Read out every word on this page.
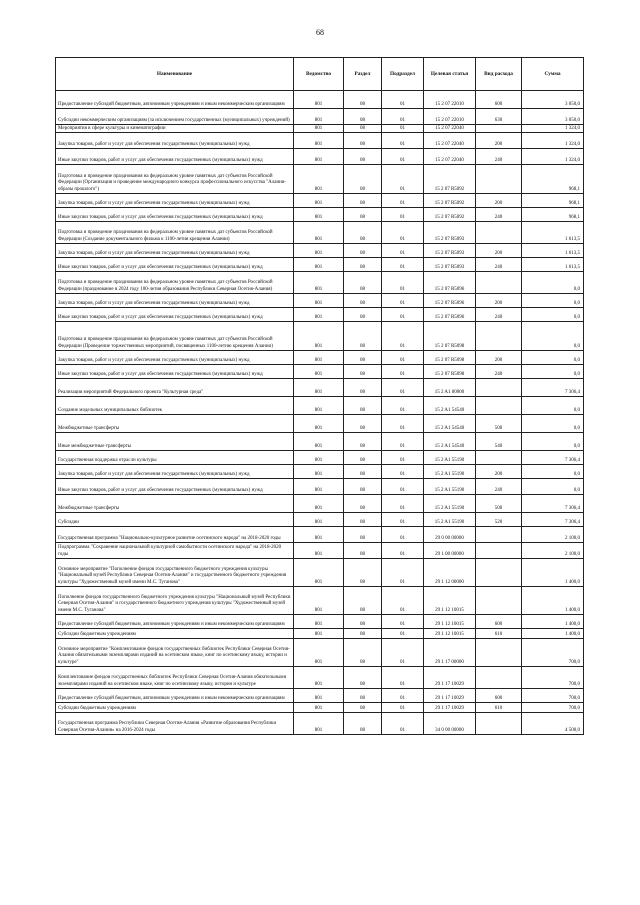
68
Наименование	Ведомство	Раздел	Подраздел	Целевая статья	Вид расхода	Сумма
Предоставление субсидий бюджетным, автономным учреждениям и иным некоммерческим организациям	801	08	01	15 2 07 22010	600	3 050,0
Субсидии некоммерческим организациям (за исключением государственных (муниципальных) учреждений)	801	08	01	15 2 07 22010	630	3 050,0
Мероприятия в сфере культуры и кинематографии	801	08	01	15 2 07 22040		1 324,0
Закупка товаров, работ и услуг для обеспечения государственных (муниципальных) нужд	801	08	01	15 2 07 22040	200	1 324,0
Иные закупки товаров, работ и услуг для обеспечения государственных (муниципальных) нужд	801	08	01	15 2 07 22040	240	1 324,0
Подготовка и проведение празднования на федеральном уровне памятных дат субъектов Российской Федерации (Организация и проведение международного конкурса профессионального искусства "Алания-образы прошлого")	801	08	01	15 2 07 R5092		968,1
Закупка товаров, работ и услуг для обеспечения государственных (муниципальных) нужд	801	08	01	15 2 07 R5092	200	968,1
Иные закупки товаров, работ и услуг для обеспечения государственных (муниципальных) нужд	801	08	01	15 2 07 R5092	240	968,1
Подготовка и проведение празднования на федеральном уровне памятных дат субъектов Российской Федерации (Создание документального фильма к 1100-летия крещения Алании)	801	08	01	15 2 07 R5093		1 613,5
Закупка товаров, работ и услуг для обеспечения государственных (муниципальных) нужд	801	08	01	15 2 07 R5093	200	1 613,5
Иные закупки товаров, работ и услуг для обеспечения государственных (муниципальных) нужд	801	08	01	15 2 07 R5093	240	1 613,5
Подготовка и проведение празднования на федеральном уровне памятных дат субъектов Российской Федерации (празднование в 2024 году 100-летия образования Республики Северная Осетия-Алания)	801	08	01	15 2 07 R5096		0,0
Закупка товаров, работ и услуг для обеспечения государственных (муниципальных) нужд	801	08	01	15 2 07 R5096	200	0,0
Иные закупки товаров, работ и услуг для обеспечения государственных (муниципальных) нужд	801	08	01	15 2 07 R5096	240	0,0
Подготовка и проведение празднования на федеральном уровне памятных дат субъектов Российской Федерации (Проведение торжественных мероприятий, посвященных 1100-летию крещения Алании)	801	08	01	15 2 07 R5098		0,0
Закупка товаров, работ и услуг для обеспечения государственных (муниципальных) нужд	801	08	01	15 2 07 R5098	200	0,0
Иные закупки товаров, работ и услуг для обеспечения государственных (муниципальных) нужд	801	08	01	15 2 07 R5098	240	0,0
Реализация мероприятий Федерального проекта "Культурная среда"	801	08	01	15 2 A1 00000		7 306,4
Создание модельных муниципальных библиотек	801	08	01	15 2 A1 54540		0,0
Межбюджетные трансферты	801	08	01	15 2 A1 54540	500	0,0
Иные межбюджетные трансферты	801	08	01	15 2 A1 54540	540	0,0
Государственная поддержка отрасли культуры	801	08	01	15 2 A1 55190		7 306,4
Закупка товаров, работ и услуг для обеспечения государственных (муниципальных) нужд	801	08	01	15 2 A1 55190	200	0,0
Иные закупки товаров, работ и услуг для обеспечения государственных (муниципальных) нужд	801	08	01	15 2 A1 55190	240	0,0
Межбюджетные трансферты	801	08	01	15 2 A1 55190	500	7 306,4
Субсидии	801	08	01	15 2 A1 55190	520	7 306,4
Государственная программа "Национально-культурное развитие осетинского народа" на 2018-2020 годы	801	08	01	29 0 00 00000		2 100,0
Подпрограмма "Сохранение национальной культурной самобытности осетинского народа" на 2018-2020 годы	801	08	01	29 1 00 00000		2 100,0
Основное мероприятие "Пополнение фондов государственного бюджетного учреждения культуры "Национальный музей Республики Северная Осетия-Алания" и государственного бюджетного учреждения культуры "Художественный музей имени М.С. Туганова"	801	08	01	29 1 12 00000		1 400,0
Пополнение фондов государственного бюджетного учреждения культуры "Национальный музей Республики Северная Осетия-Алания" и государственного бюджетного учреждения культуры "Художественный музей имени М.С. Туганова"	801	08	01	29 1 12 10015		1 400,0
Предоставление субсидий бюджетным, автономным учреждениям и иным некоммерческим организациям	801	08	01	29 1 12 10015	600	1 400,0
Субсидии бюджетным учреждениям	801	08	01	29 1 12 10015	610	1 400,0
Основное мероприятие "Комплектование фондов государственных библиотек Республики Северная Осетия-Алания обязательными экземплярами изданий на осетинском языке, книг по осетинскому языку, истории и культуре"	801	08	01	29 1 17 00000		700,0
Комплектование фондов государственных библиотек Республики Северная Осетия-Алания обязательными экземплярами изданий на осетинском языке, книг по осетинскому языку, истории и культуре	801	08	01	29 1 17 10029		700,0
Предоставление субсидий бюджетным, автономным учреждениям и иным некоммерческим организациям	801	08	01	29 1 17 10029	600	700,0
Субсидии бюджетным учреждениям	801	08	01	29 1 17 10029	610	700,0
Государственная программа Республики Северная Осетия-Алания «Развитие образования Республики Северная Осетия-Алания» на 2016-2024 годы	801	08	01	34 0 00 00000		4 500,0
